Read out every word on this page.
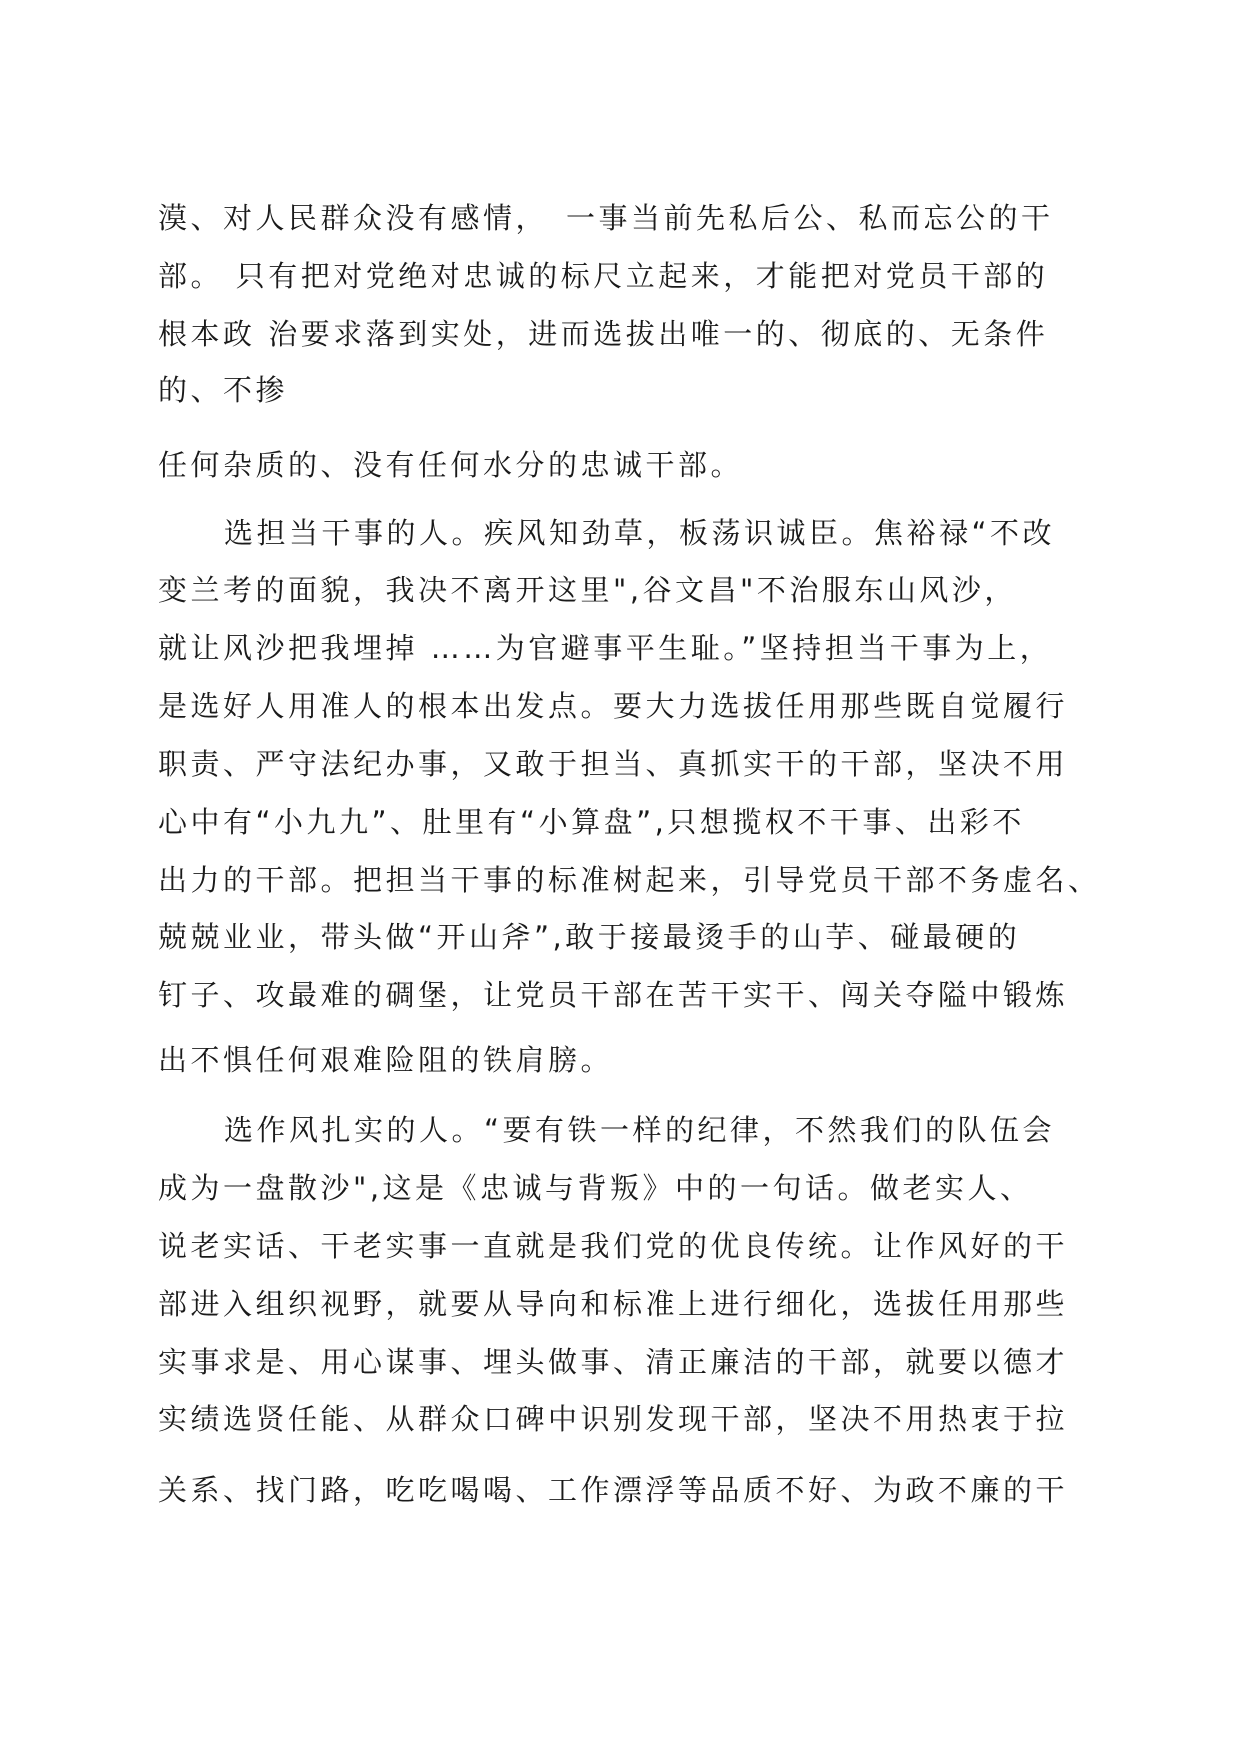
漠、对人民群众没有感情，　一事当前先私后公、私而忘公的干

部。 只有把对党绝对忠诚的标尺立起来，才能把对党员干部的

根本政 治要求落到实处，进而选拔出唯一的、彻底的、无条件

的、不掺

任何杂质的、没有任何水分的忠诚干部。

选担当干事的人。疾风知劲草，板荡识诚臣。焦裕禄“不改

变兰考的面貌，我决不离开这里",谷文昌"不治服东山风沙，

就让风沙把我埋掉 ……为官避事平生耻。”坚持担当干事为上，

是选好人用准人的根本出发点。要大力选拔任用那些既自觉履行

职责、严守法纪办事，又敢于担当、真抓实干的干部，坚决不用

心中有“小九九”、肚里有“小算盘”,只想揽权不干事、出彩不

出力的干部。把担当干事的标准树起来，引导党员干部不务虚名、

兢兢业业，带头做“开山斧”,敢于接最烫手的山芋、碰最硬的

钉子、攻最难的碉堡，让党员干部在苦干实干、闯关夺隘中锻炼

出不惧任何艰难险阻的铁肩膀。

选作风扎实的人。“要有铁一样的纪律，不然我们的队伍会

成为一盘散沙",这是《忠诚与背叛》中的一句话。做老实人、

说老实话、干老实事一直就是我们党的优良传统。让作风好的干

部进入组织视野，就要从导向和标准上进行细化，选拔任用那些

实事求是、用心谋事、埋头做事、清正廉洁的干部，就要以德才

实绩选贤任能、从群众口碑中识别发现干部，坚决不用热衷于拉

关系、找门路，吃吃喝喝、工作漂浮等品质不好、为政不廉的干
